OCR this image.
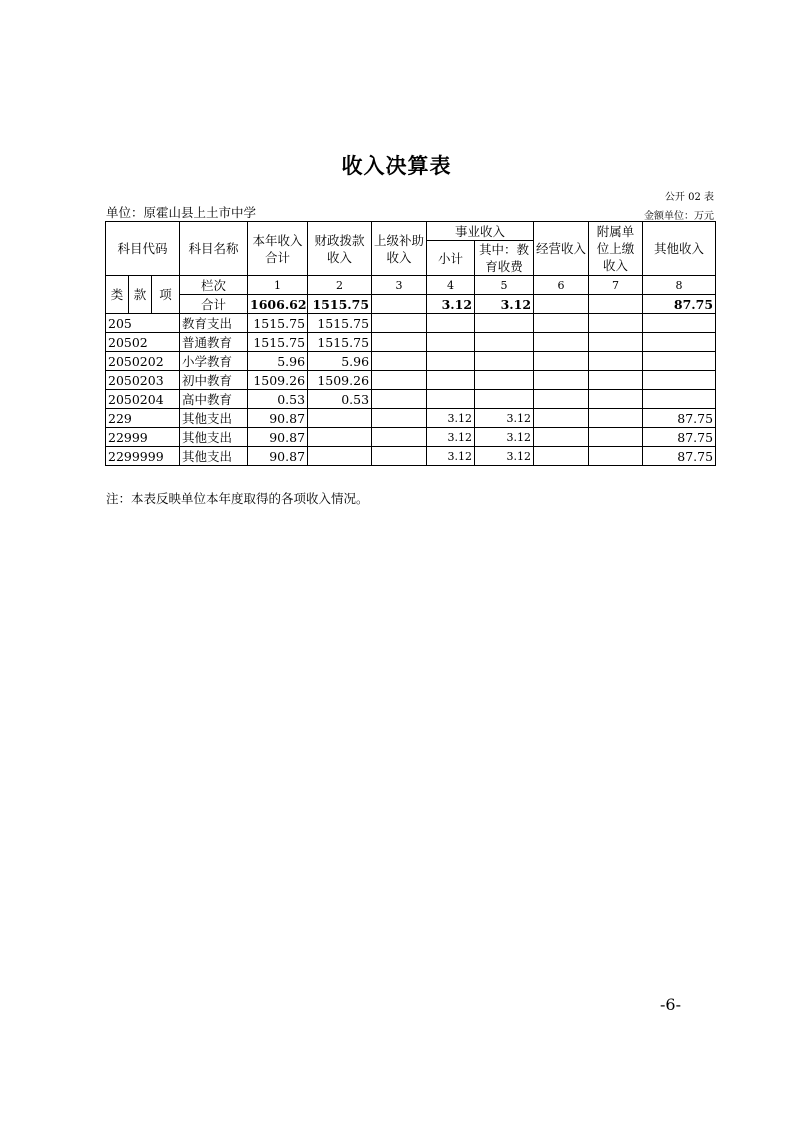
收入决算表
公开 02 表
单位：原霍山县上土市中学	金额单位：万元
科目代码			科目名称	本年收入合计	财政拨款收入	上级补助收入	事业收入		经营收入	附属单位上缴收入	其他收入
							小计	其中：教育收费			

类	款	项	栏次	1	2	3	4	5	6	7	8
			合计	1606.62	1515.75		3.12	3.12			87.75
205			教育支出	1515.75	1515.75						
20502			普通教育	1515.75	1515.75						
2050202			小学教育	5.96	5.96						
2050203			初中教育	1509.26	1509.26						
2050204			高中教育	0.53	0.53						
229			其他支出	90.87			3.12	3.12			87.75
22999			其他支出	90.87			3.12	3.12			87.75
2299999			其他支出	90.87			3.12	3.12			87.75
注：本表反映单位本年度取得的各项收入情况。
-6-
